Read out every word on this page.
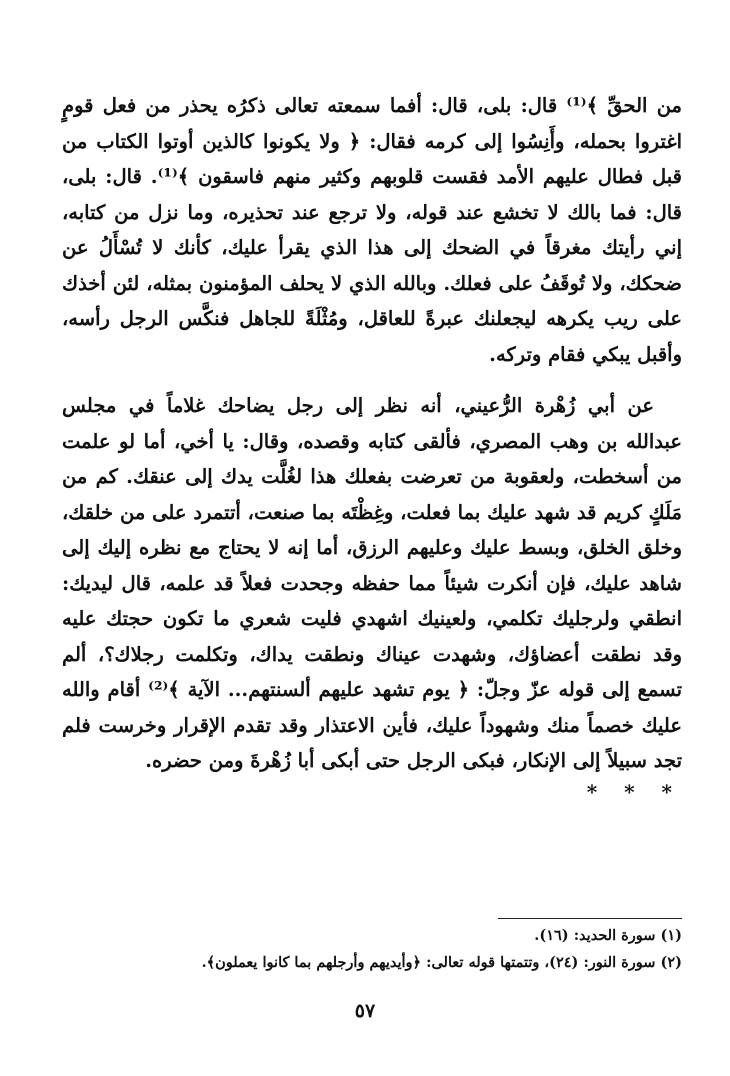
من الحقِّ ﴾⁽¹⁾ قال: بلى، قال: أفما سمعته تعالى ذكرُه يحذر من فعل قومٍ اغتروا بحمله، وأَنِسُوا إلى كرمه فقال: ﴿ ولا يكونوا كالذين أوتوا الكتاب من قبل فطال عليهم الأمد فقست قلوبهم وكثير منهم فاسقون ﴾⁽¹⁾. قال: بلى، قال: فما بالك لا تخشع عند قوله، ولا ترجع عند تحذيره، وما نزل من كتابه، إني رأيتك مغرقاً في الضحك إلى هذا الذي يقرأ عليك، كأنك لا تُسْأَلُ عن ضحكك، ولا تُوقَفُ على فعلك. وبالله الذي لا يحلف المؤمنون بمثله، لئن أخذك على ريب يكرهه ليجعلنك عبرةً للعاقل، ومُثْلَةً للجاهل فنكَّس الرجل رأسه، وأقبل يبكي فقام وتركه.

عن أبي زُهْرة الرُّعيني، أنه نظر إلى رجل يضاحك غلاماً في مجلس عبدالله بن وهب المصري، فألقى كتابه وقصده، وقال: يا أخي، أما لو علمت من أسخطت، ولعقوبة من تعرضت بفعلك هذا لغُلَّت يدك إلى عنقك. كم من مَلَكٍ كريم قد شهد عليك بما فعلت، وغِظْتَه بما صنعت، أتتمرد على من خلقك، وخلق الخلق، وبسط عليك وعليهم الرزق، أما إنه لا يحتاج مع نظره إليك إلى شاهد عليك، فإن أنكرت شيئاً مما حفظه وجحدت فعلاً قد علمه، قال ليديك: انطقي ولرجليك تكلمي، ولعينيك اشهدي فليت شعري ما تكون حجتك عليه وقد نطقت أعضاؤك، وشهدت عيناك ونطقت يداك، وتكلمت رجلاك؟، ألم تسمع إلى قوله عزّ وجلّ: ﴿ يوم تشهد عليهم ألسنتهم... الآية ﴾⁽²⁾ أقام والله عليك خصماً منك وشهوداً عليك، فأين الاعتذار وقد تقدم الإقرار وخرست فلم تجد سبيلاً إلى الإنكار، فبكى الرجل حتى أبكى أبا زُهْرةَ ومن حضره.

* * *

(١) سورة الحديد: (١٦).

(٢) سورة النور: (٢٤)، وتتمتها قوله تعالى: ﴿وأيديهم وأرجلهم بما كانوا يعملون﴾.

٥٧
